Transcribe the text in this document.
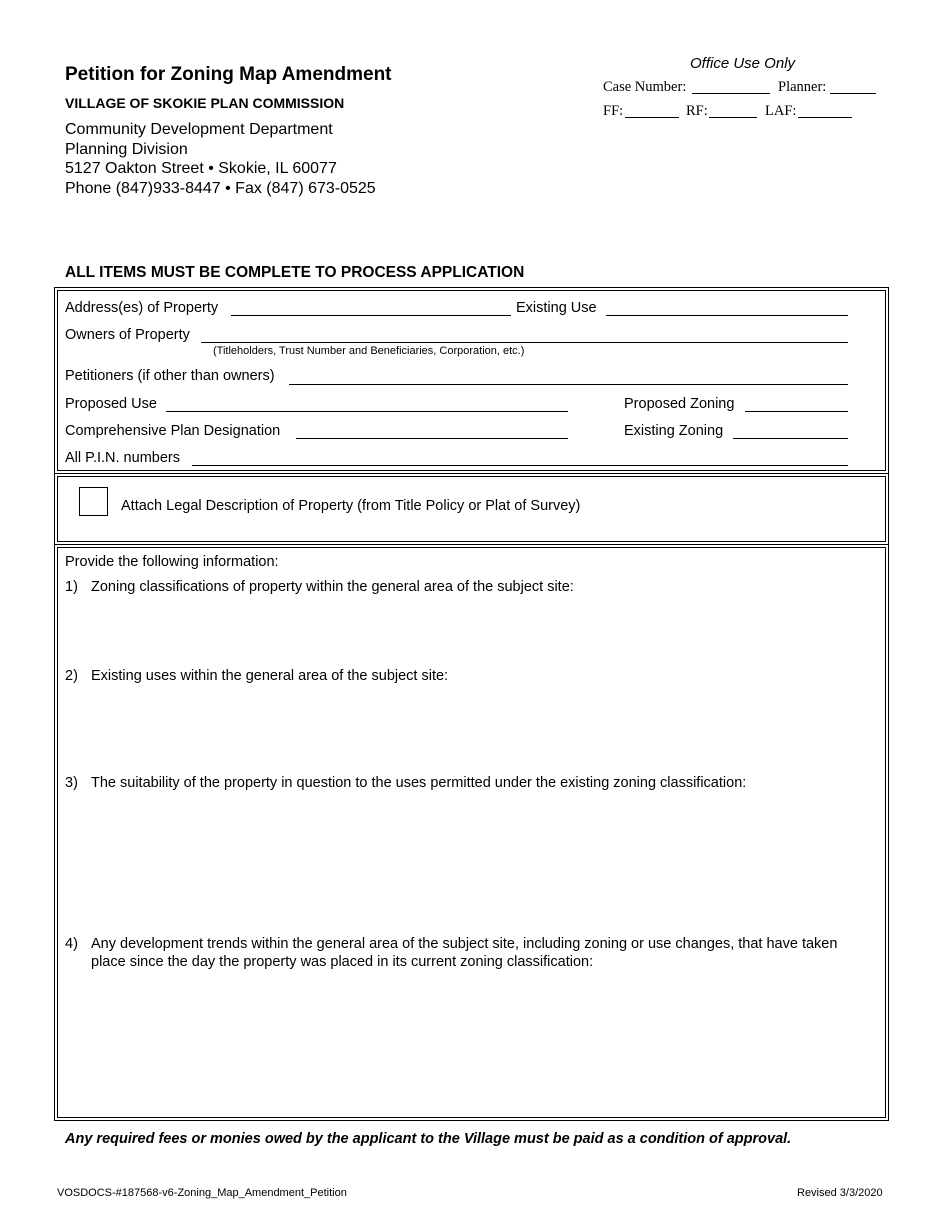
Petition for Zoning Map Amendment
VILLAGE OF SKOKIE PLAN COMMISSION
Community Development Department
Planning Division
5127 Oakton Street • Skokie, IL 60077
Phone (847)933-8447 • Fax (847) 673-0525
Office Use Only
Case Number:	Planner:
FF:	RF:	LAF:
ALL ITEMS MUST BE COMPLETE TO PROCESS APPLICATION
Address(es) of Property	Existing Use
Owners of Property
(Titleholders, Trust Number and Beneficiaries, Corporation, etc.)
Petitioners (if other than owners)
Proposed Use	Proposed Zoning
Comprehensive Plan Designation	Existing Zoning
All P.I.N. numbers
Attach Legal Description of Property (from Title Policy or Plat of Survey)
Provide the following information:
1) Zoning classifications of property within the general area of the subject site:
2) Existing uses within the general area of the subject site:
3) The suitability of the property in question to the uses permitted under the existing zoning classification:
4) Any development trends within the general area of the subject site, including zoning or use changes, that have taken
place since the day the property was placed in its current zoning classification:
Any required fees or monies owed by the applicant to the Village must be paid as a condition of approval.
VOSDOCS-#187568-v6-Zoning_Map_Amendment_Petition	Revised 3/3/2020
